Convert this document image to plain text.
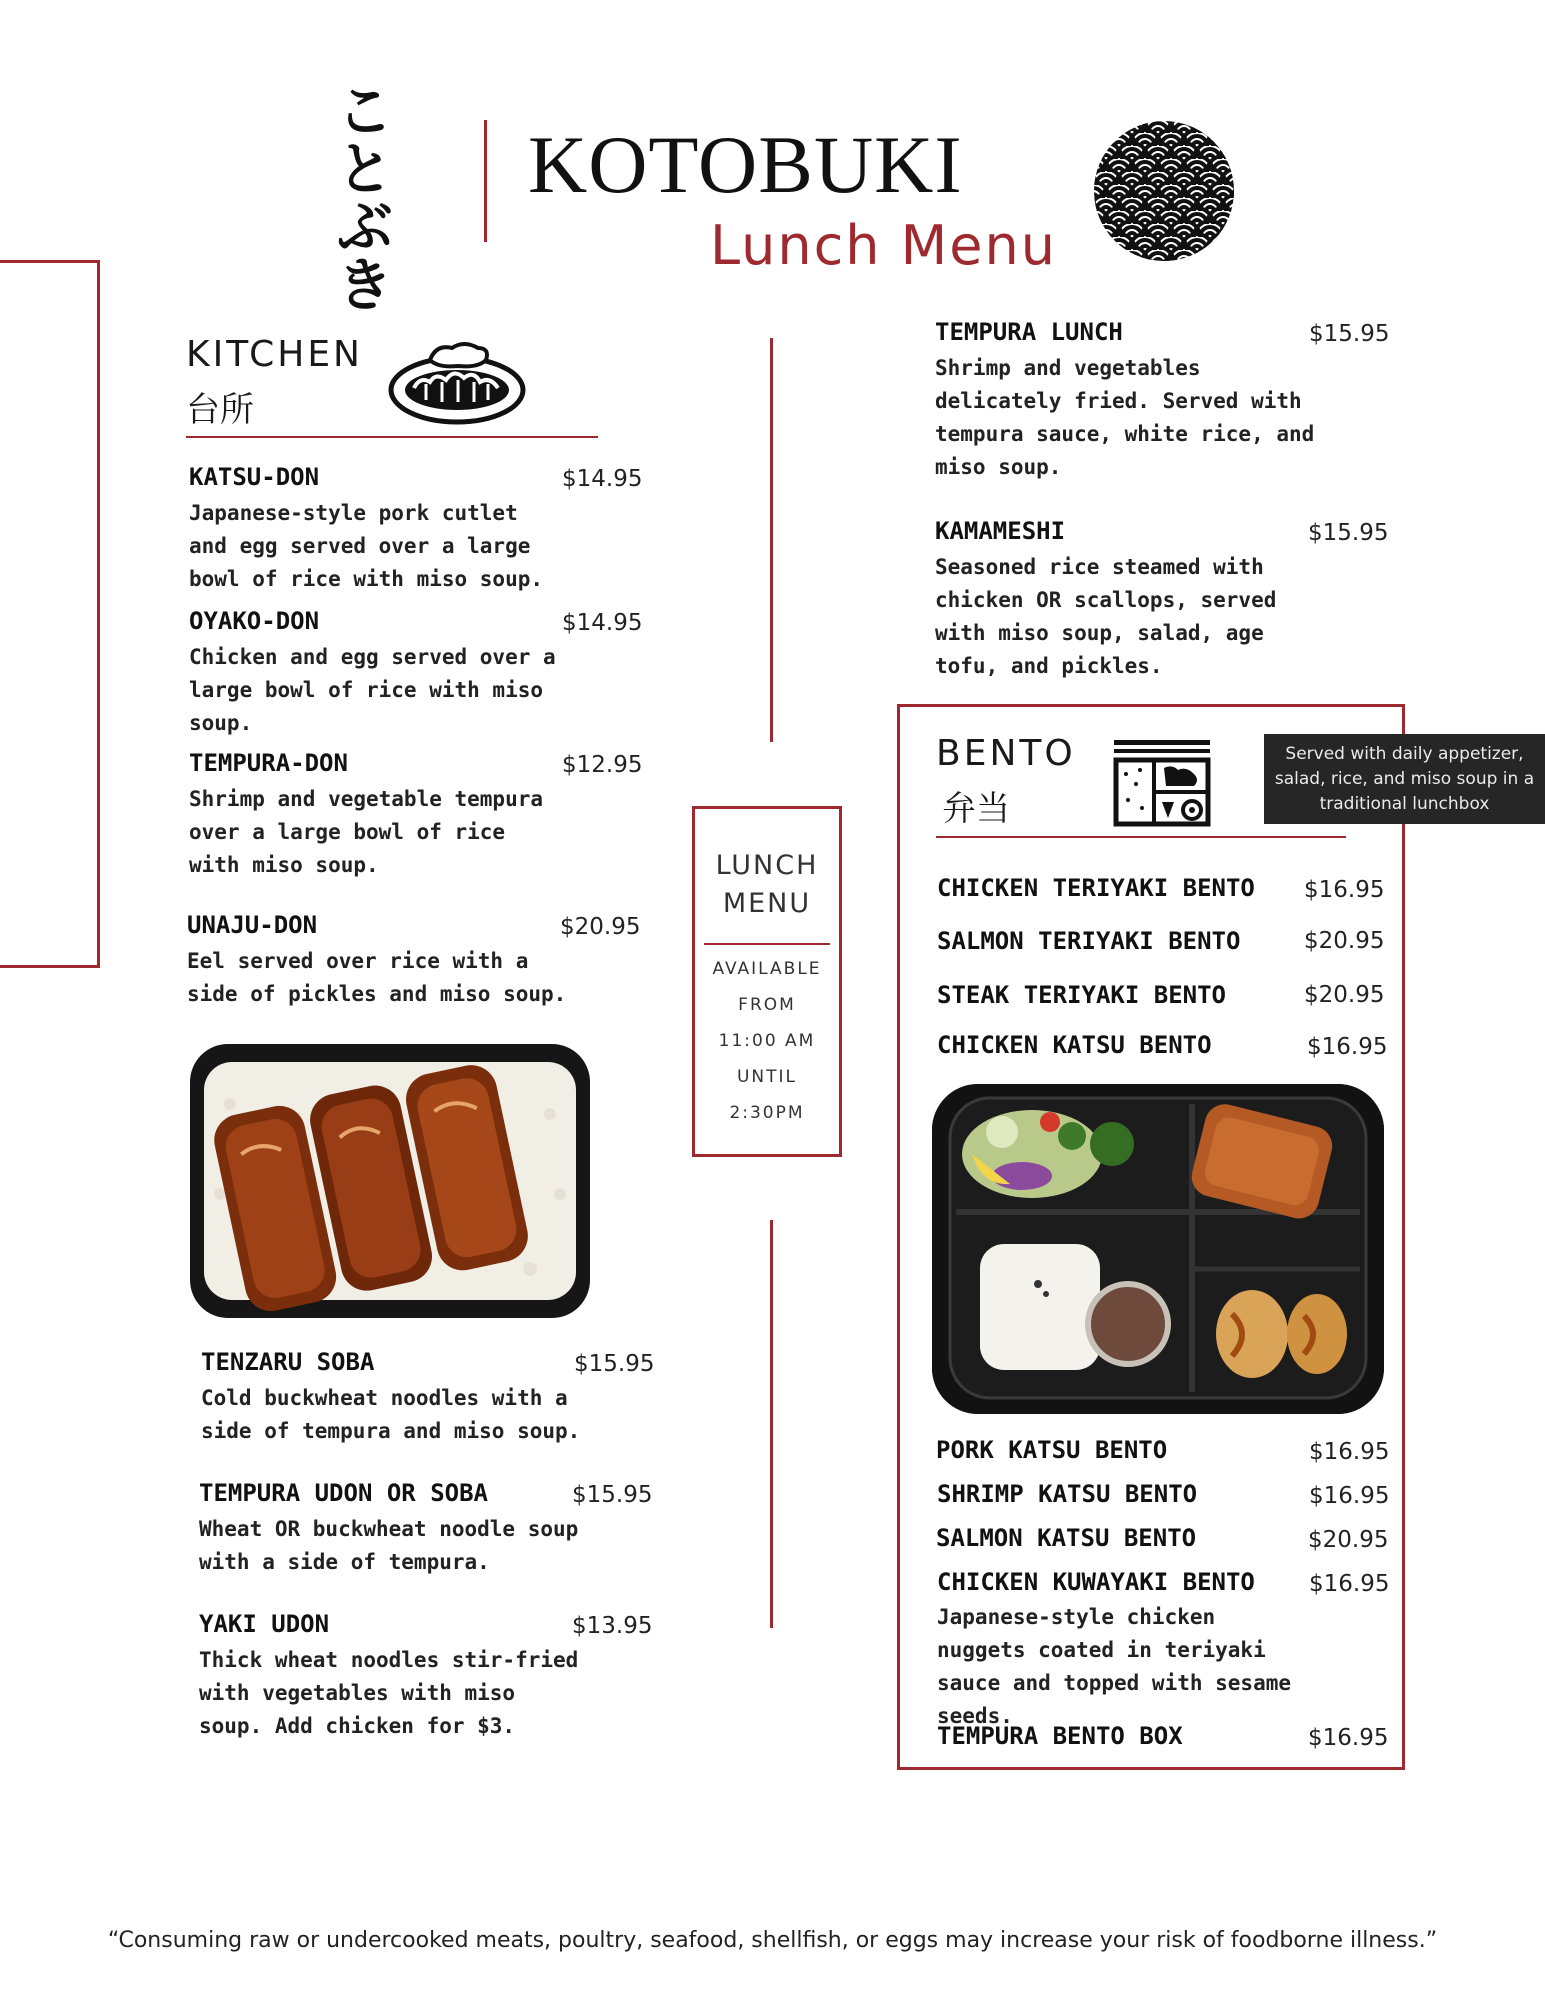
ことぶき KOTOBUKI
Lunch Menu
KITCHEN
台所
KATSU-DON	$14.95
Japanese-style pork cutlet and egg served over a large bowl of rice with miso soup.
OYAKO-DON	$14.95
Chicken and egg served over a large bowl of rice with miso soup.
TEMPURA-DON	$12.95
Shrimp and vegetable tempura over a large bowl of rice with miso soup.
UNAJU-DON	$20.95
Eel served over rice with a side of pickles and miso soup.
TENZARU SOBA	$15.95
Cold buckwheat noodles with a side of tempura and miso soup.
TEMPURA UDON OR SOBA	$15.95
Wheat OR buckwheat noodle soup with a side of tempura.
YAKI UDON	$13.95
Thick wheat noodles stir-fried with vegetables with miso soup. Add chicken for $3.
LUNCH
MENU
AVAILABLE
FROM
11:00 AM
UNTIL
2:30PM
TEMPURA LUNCH	$15.95
Shrimp and vegetables delicately fried. Served with tempura sauce, white rice, and miso soup.
KAMAMESHI	$15.95
Seasoned rice steamed with chicken OR scallops, served with miso soup, salad, age tofu, and pickles.
BENTO
弁当
Served with daily appetizer, salad, rice, and miso soup in a traditional lunchbox
CHICKEN TERIYAKI BENTO $16.95
SALMON TERIYAKI BENTO	$20.95
STEAK TERIYAKI BENTO	$20.95
CHICKEN KATSU BENTO	$16.95
PORK KATSU BENTO	$16.95
SHRIMP KATSU BENTO	$16.95
SALMON KATSU BENTO	$20.95
CHICKEN KUWAYAKI BENTO $16.95
Japanese-style chicken nuggets coated in teriyaki sauce and topped with sesame seeds.
TEMPURA BENTO BOX	$16.95
“Consuming raw or undercooked meats, poultry, seafood, shellfish, or eggs may increase your risk of foodborne illness.”
